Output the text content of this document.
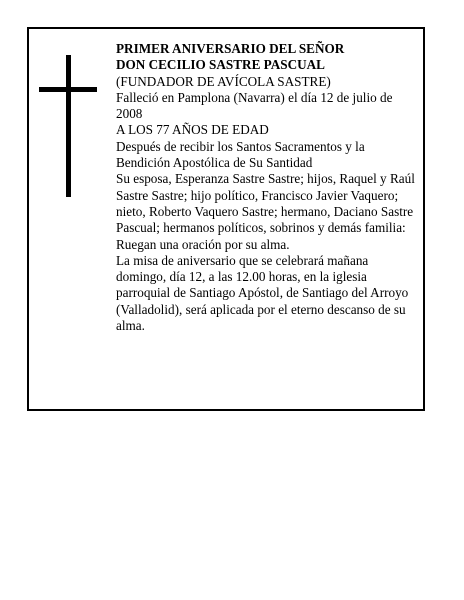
PRIMER ANIVERSARIO DEL SEÑOR

DON CECILIO SASTRE PASCUAL

(FUNDADOR DE AVÍCOLA SASTRE)

Falleció en Pamplona (Navarra) el día 12 de julio de 2008

A LOS 77 AÑOS DE EDAD

Después de recibir los Santos Sacramentos y la Bendición Apostólica de Su Santidad

Su esposa, Esperanza Sastre Sastre; hijos, Raquel y Raúl Sastre Sastre; hijo político, Francisco Javier Vaquero; nieto, Roberto Vaquero Sastre; hermano, Daciano Sastre Pascual; hermanos políticos, sobrinos y demás familia:

Ruegan una oración por su alma.

La misa de aniversario que se celebrará mañana domingo, día 12, a las 12.00 horas, en la iglesia parroquial de Santiago Apóstol, de Santiago del Arroyo (Valladolid), será aplicada por el eterno descanso de su alma.
